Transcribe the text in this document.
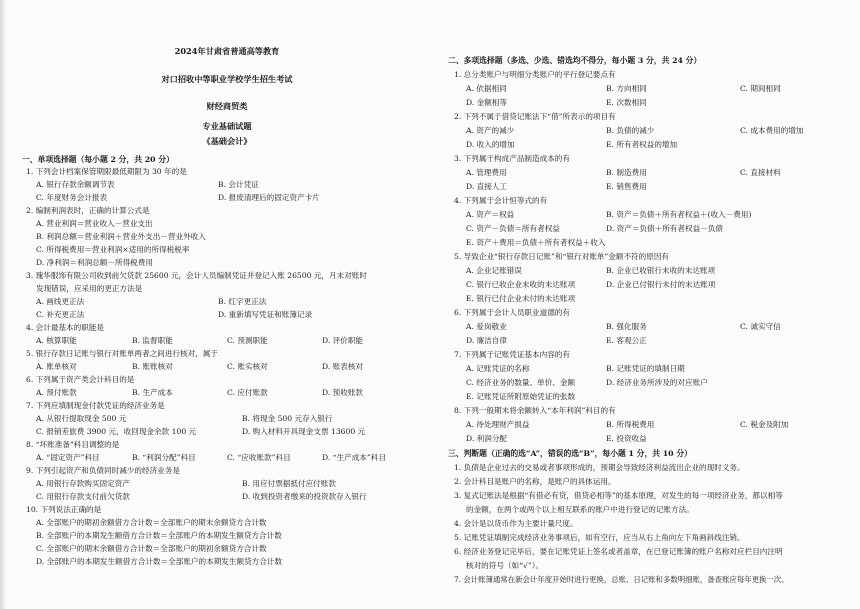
2024年甘肃省普通高等教育
对口招收中等职业学校学生招生考试
财经商贸类
专业基础试题
《基础会计》
一、单项选择题（每小题 2 分，共 20 分）
1. 下列会计档案保管期限最低期限为 30 年的是
A. 银行存款余额调节表	B. 会计凭证
C. 年度财务会计报表	D. 报废清理后的固定资产卡片
2. 编制利润表时，正确的计算公式是
A. 营业利润＝营业收入－营业支出
B. 利润总额＝营业利润＋营业外支出－营业外收入
C. 所得税费用＝营业利润×适用的所得税税率
D. 净利润＝利润总额－所得税费用
3. 瑰华服饰有限公司收到前欠货款 25600 元，会计人员编制凭证并登记入账 26500 元，月末对账时
发现错误，应采用的更正方法是
A. 画线更正法	B. 红字更正法
C. 补充更正法	D. 重新填写凭证和账簿记录
4. 会计最基本的职能是
A. 核算职能	B. 监督职能	C. 预测职能	D. 评价职能
5. 银行存款日记账与银行对账单两者之间进行核对，属于
A. 账单核对	B. 账账核对	C. 账实核对	D. 账表核对
6. 下列属于资产类会计科目的是
A. 预付账款	B. 生产成本	C. 应付账款	D. 预收账款
7. 下列应填制现金付款凭证的经济业务是
A. 从银行提取现金 500 元	B. 将现金 500 元存入银行
C. 报销差旅费 3900 元，收回现金余款 100 元	D. 购入材料开具现金支票 13600 元
8. “坏账准备”科目调整的是
A. “固定资产”科目	B. “利润分配”科目	C. “应收账款”科目	D. “生产成本”科目
9. 下列引起资产和负债同时减少的经济业务是
A. 用银行存款购买固定资产	B. 用应付票据抵付应付账款
C. 用银行存款支付前欠货款	D. 收到投资者缴来的投资款存入银行
10. 下列说法正确的是
A. 全部账户的期初余额借方合计数＝全部账户的期末余额贷方合计数
B. 全部账户的本期发生额借方合计数＝全部账户的本期发生额贷方合计数
C. 全部账户的期末余额借方合计数＝全部账户的期初余额贷方合计数
D. 全部账户的本期发生额借方合计数＝全部账户的本期发生额贷方合计数
二、多项选择题（多选、少选、错选均不得分，每小题 3 分，共 24 分）
1. 总分类账户与明细分类账户的平行登记要点有
A. 依据相同	B. 方向相同	C. 期间相同
D. 金额相等	E. 次数相同
2. 下列不属于借贷记账法下“借”所表示的项目有
A. 资产的减少	B. 负债的减少	C. 成本费用的增加
D. 收入的增加	E. 所有者权益的增加
3. 下列属于构成产品制造成本的有
A. 管理费用	B. 制造费用	C. 直接材料
D. 直接人工	E. 销售费用
4. 下列属于会计恒等式的有
A. 资产＝权益	B. 资产＝负债＋所有者权益＋(收入－费用)
C. 资产－负债＝所有者权益	D. 资产＝负债＋所有者权益－负债
E. 资产＋费用＝负债＋所有者权益＋收入
5. 导致企业“银行存款日记账”和“银行对账单”金额不符的原因有
A. 企业记账错误	B. 企业已收银行未收的未达账项
C. 银行已收企业未收的未达账项	D. 企业已付银行未付的未达账项
E. 银行已付企业未付的未达账项
6. 下列属于会计人员职业道德的有
A. 爱岗敬业	B. 强化服务	C. 诚实守信
D. 廉洁自律	E. 客观公正
7. 下列属于记账凭证基本内容的有
A. 记账凭证的名称	B. 记账凭证的填制日期
C. 经济业务的数量、单价、金额	D. 经济业务所涉及的对应账户
E. 记账凭证所附原始凭证的张数
8. 下列一般期末将余额转入“本年利润”科目的有
A. 待处理财产损益	B. 所得税费用	C. 税金及附加
D. 利润分配	E. 投资收益
三、判断题（正确的选“A”，错误的选“B”，每小题 1 分，共 10 分）
1. 负债是企业过去的交易或者事项形成的，预期会导致经济利益流出企业的现时义务。
2. 会计科目是账户的名称，是账户的具体运用。
3. 复式记账法是根据“有借必有贷，借贷必相等”的基本原理，对发生的每一项经济业务，都以相等
的金额，在两个或两个以上相互联系的账户中进行登记的记账方法。
4. 会计是以货币作为主要计量尺度。
5. 记账凭证填制完成经济业务事项后，如有空行，应当从右上角向左下角画斜线注销。
6. 经济业务登记完毕后，要在记账凭证上签名或者盖章，在已登记账簿的账户名称对应栏目内注明
核对的符号（如“√”）。
7. 会计账簿通常在新会计年度开始时进行更换，总账、日记账和多数明细账，备查账应每年更换一次。
